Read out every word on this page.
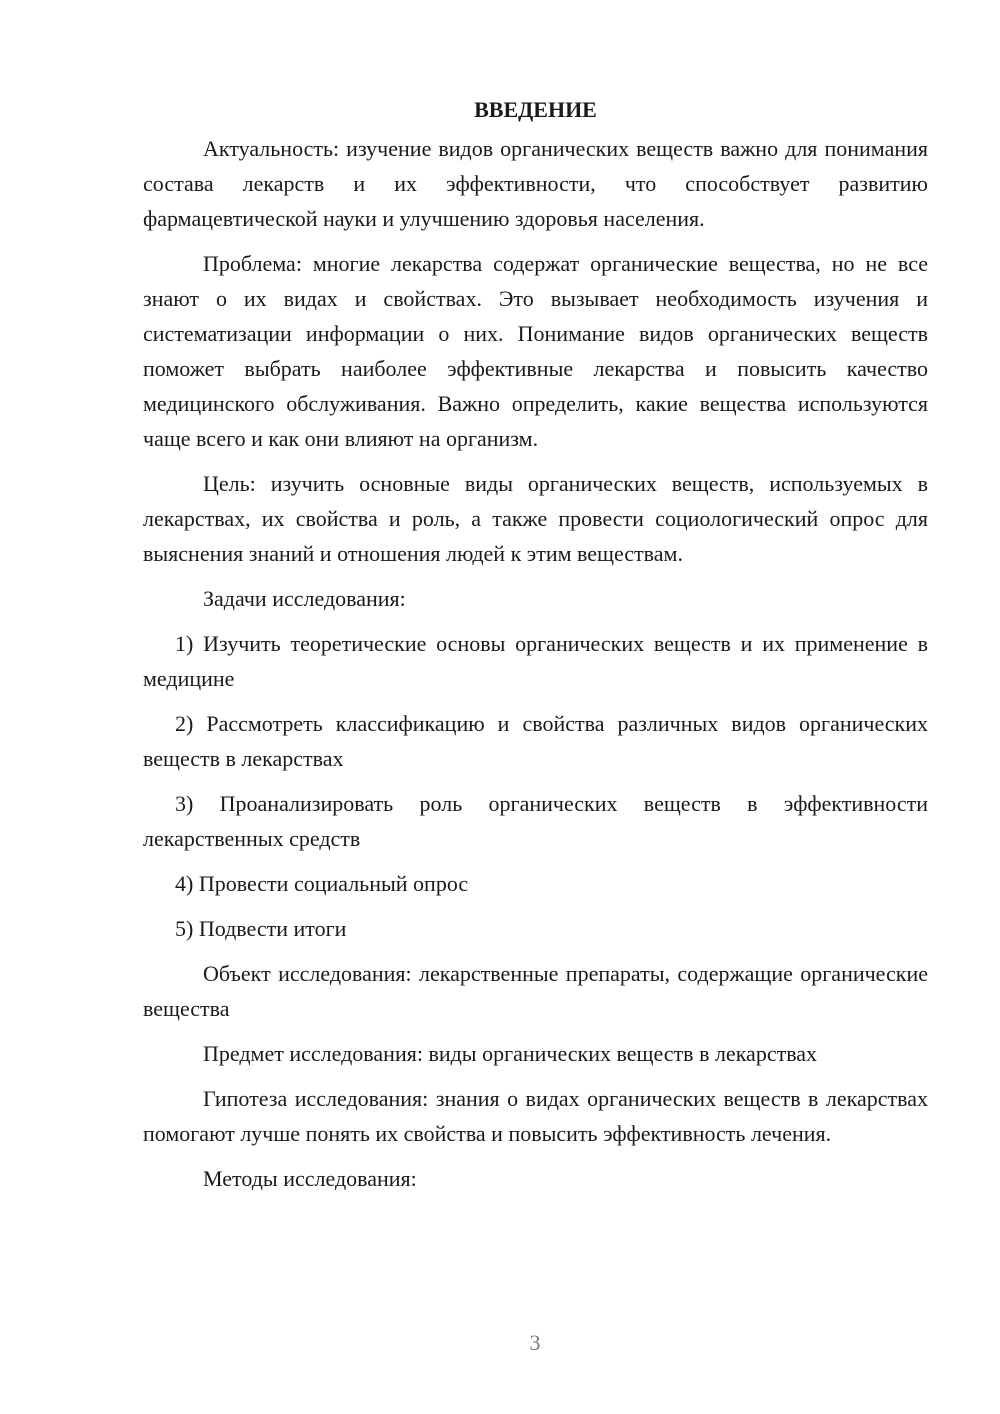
ВВЕДЕНИЕ

Актуальность: изучение видов органических веществ важно для понимания состава лекарств и их эффективности, что способствует развитию фармацевтической науки и улучшению здоровья населения.

Проблема: многие лекарства содержат органические вещества, но не все знают о их видах и свойствах. Это вызывает необходимость изучения и систематизации информации о них. Понимание видов органических веществ поможет выбрать наиболее эффективные лекарства и повысить качество медицинского обслуживания. Важно определить, какие вещества используются чаще всего и как они влияют на организм.

Цель: изучить основные виды органических веществ, используемых в лекарствах, их свойства и роль, а также провести социологический опрос для выяснения знаний и отношения людей к этим веществам.

Задачи исследования:

1) Изучить теоретические основы органических веществ и их применение в медицине

2) Рассмотреть классификацию и свойства различных видов органических веществ в лекарствах

3) Проанализировать роль органических веществ в эффективности лекарственных средств

4) Провести социальный опрос

5) Подвести итоги

Объект исследования: лекарственные препараты, содержащие органические вещества

Предмет исследования: виды органических веществ в лекарствах

Гипотеза исследования: знания о видах органических веществ в лекарствах помогают лучше понять их свойства и повысить эффективность лечения.

Методы исследования:

3
